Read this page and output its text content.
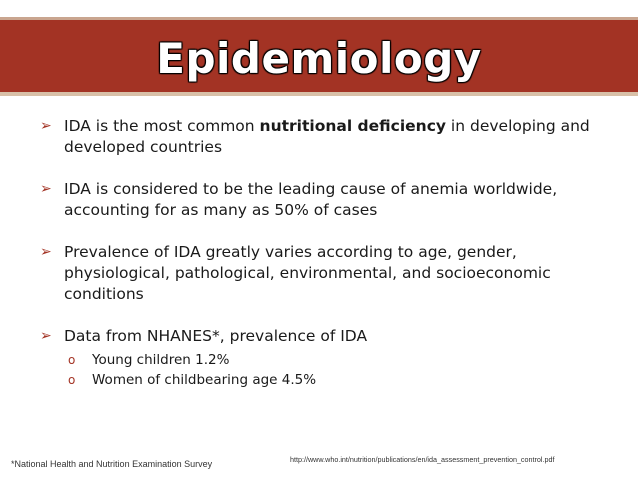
Epidemiology
➢ IDA is the most common nutritional deficiency in developing and developed countries
➢ IDA is considered to be the leading cause of anemia worldwide, accounting for as many as 50% of cases
➢ Prevalence of IDA greatly varies according to age, gender, physiological, pathological, environmental, and socioeconomic conditions
➢ Data from NHANES*, prevalence of IDA
o Young children 1.2%
o Women of childbearing age 4.5%
*National Health and Nutrition Examination Survey	http://www.who.int/nutrition/publications/en/ida_assessment_prevention_control.pdf
